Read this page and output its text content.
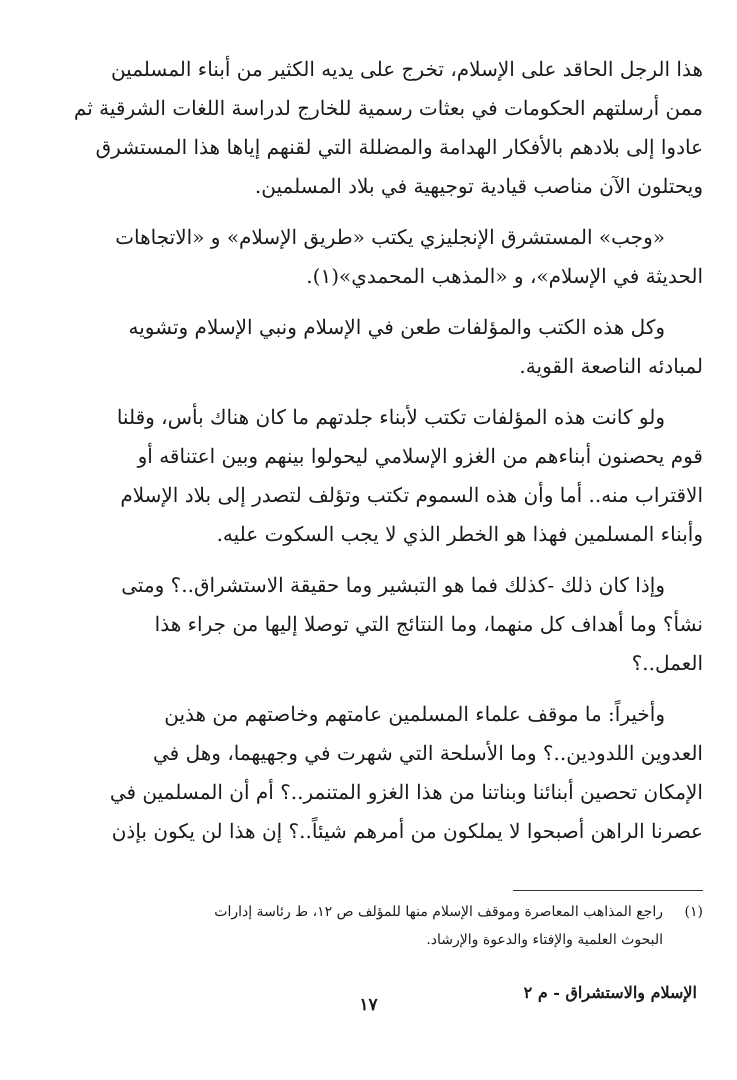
هذا الرجل الحاقد على الإسلام، تخرج على يديه الكثير من أبناء المسلمين
ممن أرسلتهم الحكومات في بعثات رسمية للخارج لدراسة اللغات الشرقية ثم
عادوا إلى بلادهم بالأفكار الهدامة والمضللة التي لقنهم إياها هذا المستشرق
ويحتلون الآن مناصب قيادية توجيهية في بلاد المسلمين.

«وجب» المستشرق الإنجليزي يكتب «طريق الإسلام» و «الاتجاهات
الحديثة في الإسلام»، و «المذهب المحمدي»(١).

وكل هذه الكتب والمؤلفات طعن في الإسلام ونبي الإسلام وتشويه
لمبادئه الناصعة القوية.

ولو كانت هذه المؤلفات تكتب لأبناء جلدتهم ما كان هناك بأس، وقلنا
قوم يحصنون أبناءهم من الغزو الإسلامي ليحولوا بينهم وبين اعتناقه أو
الاقتراب منه.. أما وأن هذه السموم تكتب وتؤلف لتصدر إلى بلاد الإسلام
وأبناء المسلمين فهذا هو الخطر الذي لا يجب السكوت عليه.

وإذا كان ذلك -كذلك فما هو التبشير وما حقيقة الاستشراق..؟ ومتى
نشأ؟ وما أهداف كل منهما، وما النتائج التي توصلا إليها من جراء هذا
العمل..؟

وأخيراً: ما موقف علماء المسلمين عامتهم وخاصتهم من هذين
العدوين اللدودين..؟ وما الأسلحة التي شهرت في وجهيهما، وهل في
الإمكان تحصين أبنائنا وبناتنا من هذا الغزو المتنمر..؟ أم أن المسلمين في
عصرنا الراهن أصبحوا لا يملكون من أمرهم شيئاً..؟ إن هذا لن يكون بإذن

(١)راجع المذاهب المعاصرة وموقف الإسلام منها للمؤلف ص ١٢، ط رئاسة إدارات
البحوث العلمية والإفتاء والدعوة والإرشاد.
الإسلام والاستشراق - م ٢
١٧
